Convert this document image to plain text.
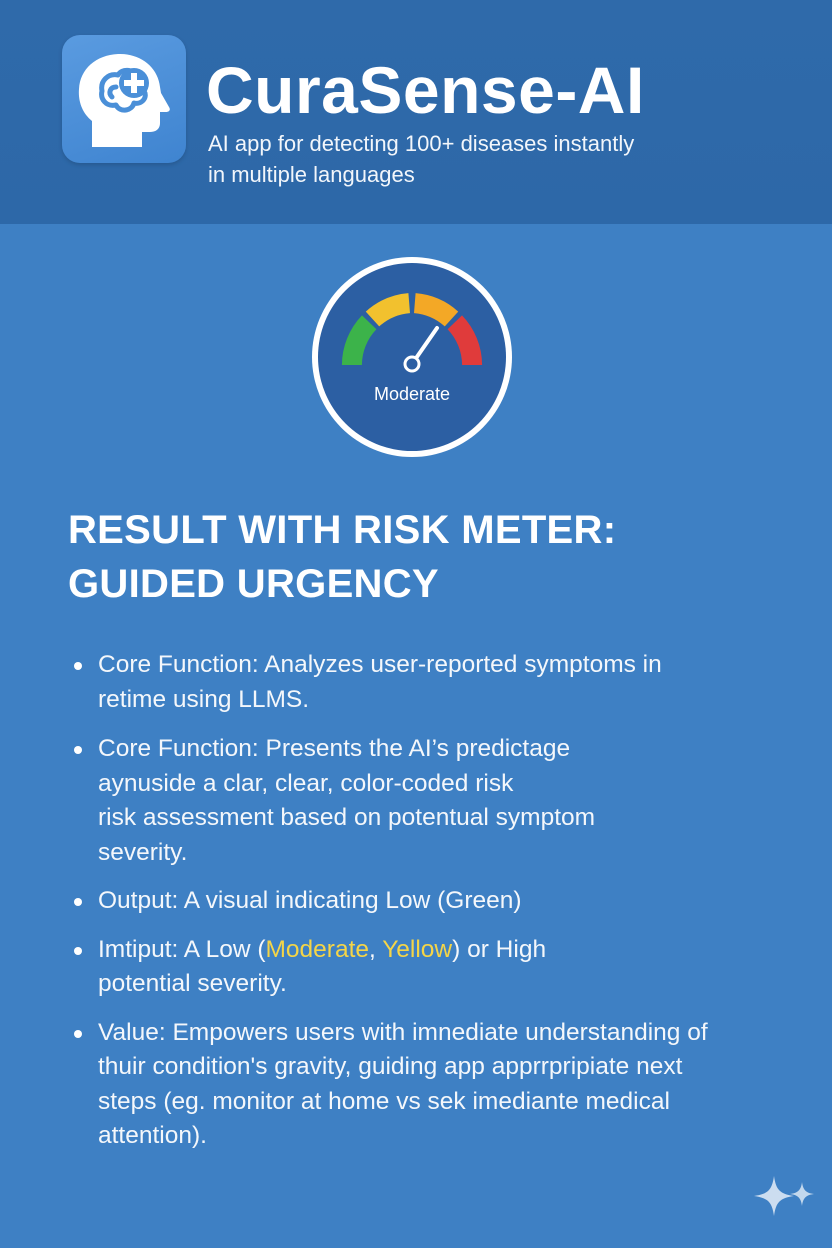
CuraSense-AI

AI app for detecting 100+ diseases instantly
in multiple languages

Moderate
RESULT WITH RISK METER:
GUIDED URGENCY
Core Function: Analyzes user-reported symptoms in
retime using LLMS.
Core Function: Presents the AI’s predictage
aynuside a clar, clear, color-coded risk
risk assessment based on potentual symptom
severity.
Output: A visual indicating Low (Green)
Imtiput: A Low (Moderate, Yellow) or High
potential severity.
Value: Empowers users with imnediate understanding of
thuir condition's gravity, guiding app apprrpripiate next
steps (eg. monitor at home vs sek imediante medical
attention).
